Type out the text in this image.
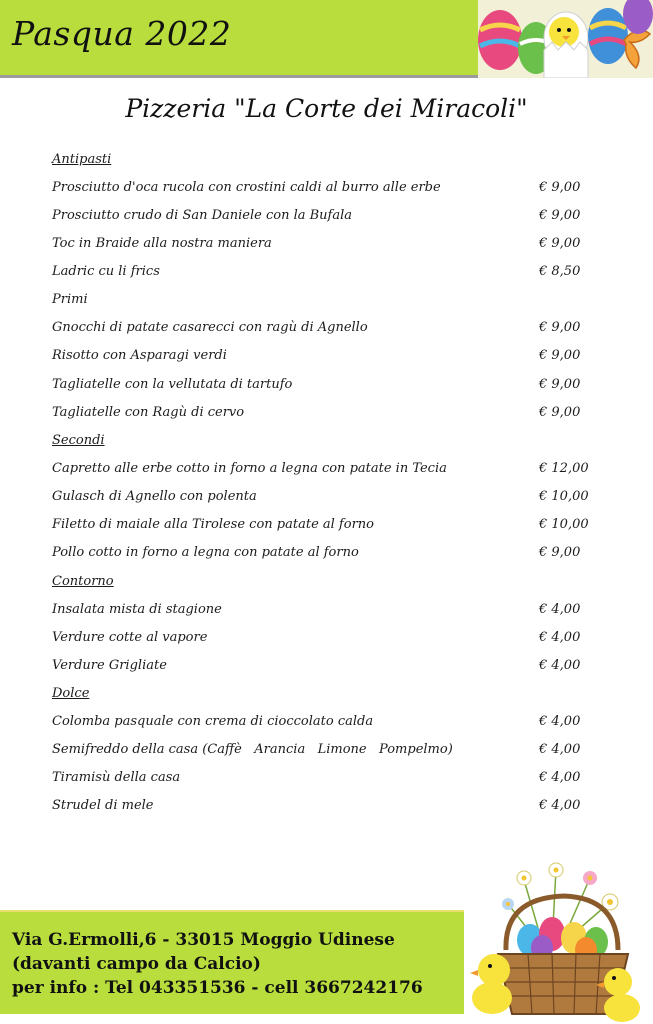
Pasqua 2022
Pizzeria "La Corte dei Miracoli"
Antipasti
Prosciutto d'oca rucola con crostini caldi al burro alle erbe	€ 9,00
Prosciutto crudo di San Daniele con la Bufala	€ 9,00
Toc in Braide alla nostra maniera	€ 9,00
Ladric cu li frics	€ 8,50
Primi
Gnocchi di patate casarecci con ragù di Agnello	€ 9,00
Risotto con Asparagi verdi	€ 9,00
Tagliatelle con la vellutata di tartufo	€ 9,00
Tagliatelle con Ragù di cervo	€ 9,00
Secondi
Capretto alle erbe cotto in forno a legna con patate in Tecia	€ 12,00
Gulasch di Agnello con polenta	€ 10,00
Filetto di maiale alla Tirolese con patate al forno	€ 10,00
Pollo cotto in forno a legna con patate al forno	€ 9,00
Contorno
Insalata mista di stagione	€ 4,00
Verdure cotte al vapore	€ 4,00
Verdure Grigliate	€ 4,00
Dolce
Colomba pasquale con crema di cioccolato calda	€ 4,00
Semifreddo della casa (Caffè   Arancia   Limone   Pompelmo)	€ 4,00
Tiramisù della casa	€ 4,00
Strudel di mele	€ 4,00
Via G.Ermolli,6 - 33015 Moggio Udinese
(davanti campo da Calcio)
per info : Tel 043351536 - cell 3667242176
